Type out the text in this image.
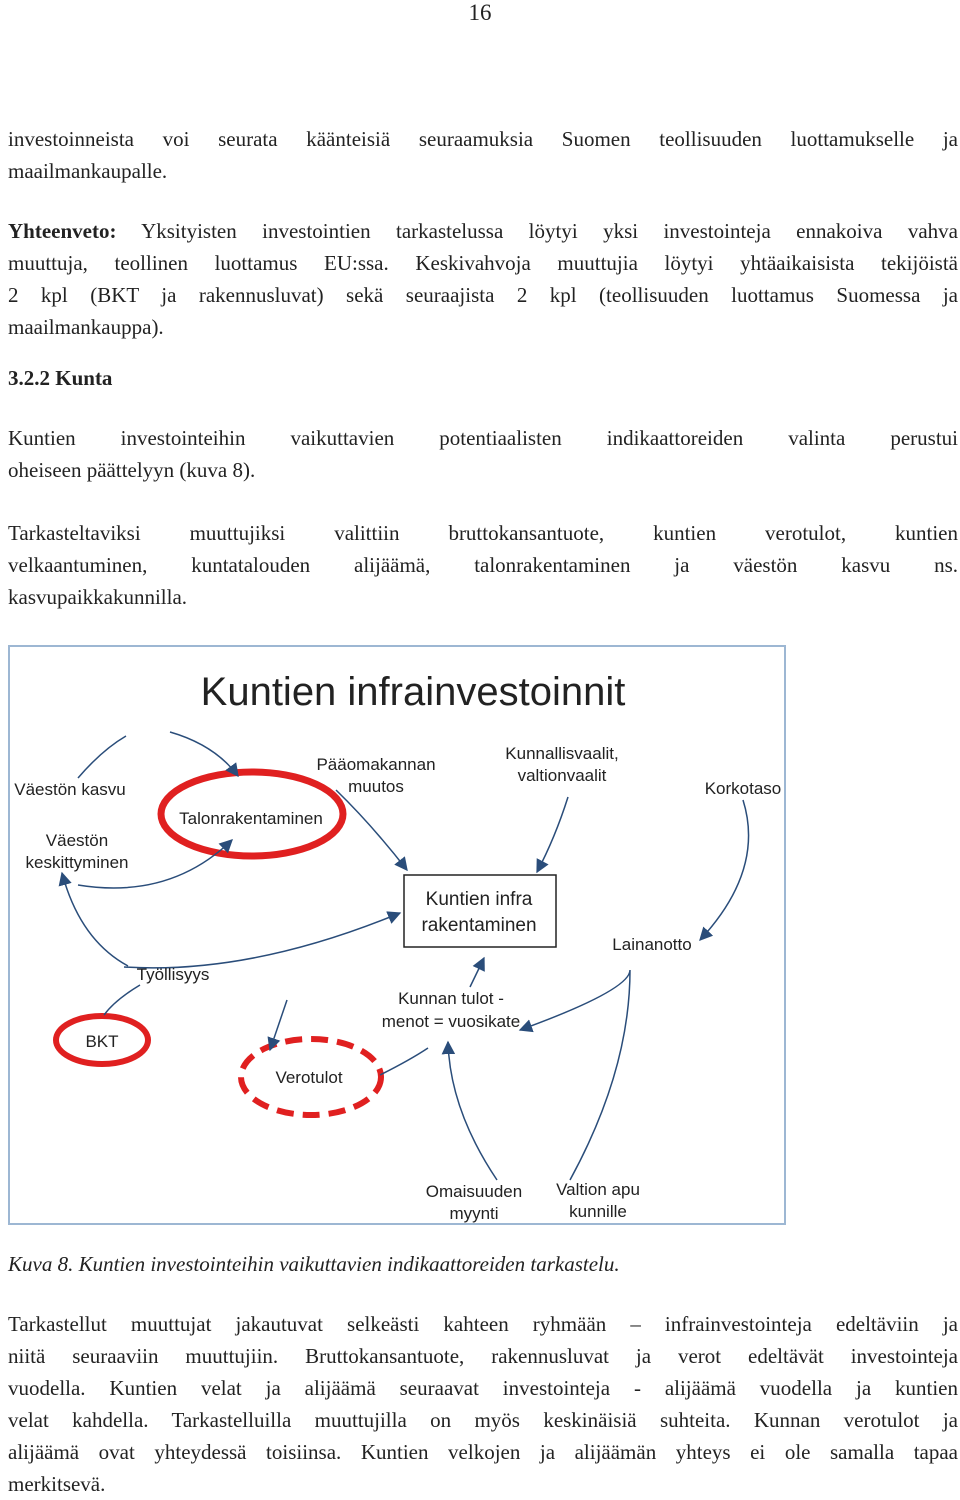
16
investoinneista voi seurata käänteisiä seuraamuksia Suomen teollisuuden luottamukselle ja
maailmankaupalle.
Yhteenveto: Yksityisten investointien tarkastelussa löytyi yksi investointeja ennakoiva vahva
muuttuja, teollinen luottamus EU:ssa. Keskivahvoja muuttujia löytyi yhtäaikaisista tekijöistä
2 kpl (BKT ja rakennusluvat) sekä seuraajista 2 kpl (teollisuuden luottamus Suomessa ja
maailmankauppa).
3.2.2 Kunta
Kuntien investointeihin vaikuttavien potentiaalisten indikaattoreiden valinta perustui
oheiseen päättelyyn (kuva 8).
Tarkasteltaviksi muuttujiksi valittiin bruttokansantuote, kuntien verotulot, kuntien
velkaantuminen, kuntatalouden alijäämä, talonrakentaminen ja väestön kasvu ns.
kasvupaikkakunnilla.
Kuntien infrainvestoinnit
Väestön kasvu
Väestön
keskittyminen
Talonrakentaminen
Pääomakannan
muutos
Kunnallisvaalit,
valtionvaalit
Korkotaso
Kuntien infra
rakentaminen
Lainanotto
Työllisyys
Kunnan tulot -
menot = vuosikate
BKT
Verotulot
Omaisuuden
myynti
Valtion apu
kunnille
Kuva 8. Kuntien investointeihin vaikuttavien indikaattoreiden tarkastelu.
Tarkastellut muuttujat jakautuvat selkeästi kahteen ryhmään – infrainvestointeja edeltäviin ja
niitä seuraaviin muuttujiin. Bruttokansantuote, rakennusluvat ja verot edeltävät investointeja
vuodella. Kuntien velat ja alijäämä seuraavat investointeja - alijäämä vuodella ja kuntien
velat kahdella. Tarkastelluilla muuttujilla on myös keskinäisiä suhteita. Kunnan verotulot ja
alijäämä ovat yhteydessä toisiinsa. Kuntien velkojen ja alijäämän yhteys ei ole samalla tapaa
merkitsevä.
